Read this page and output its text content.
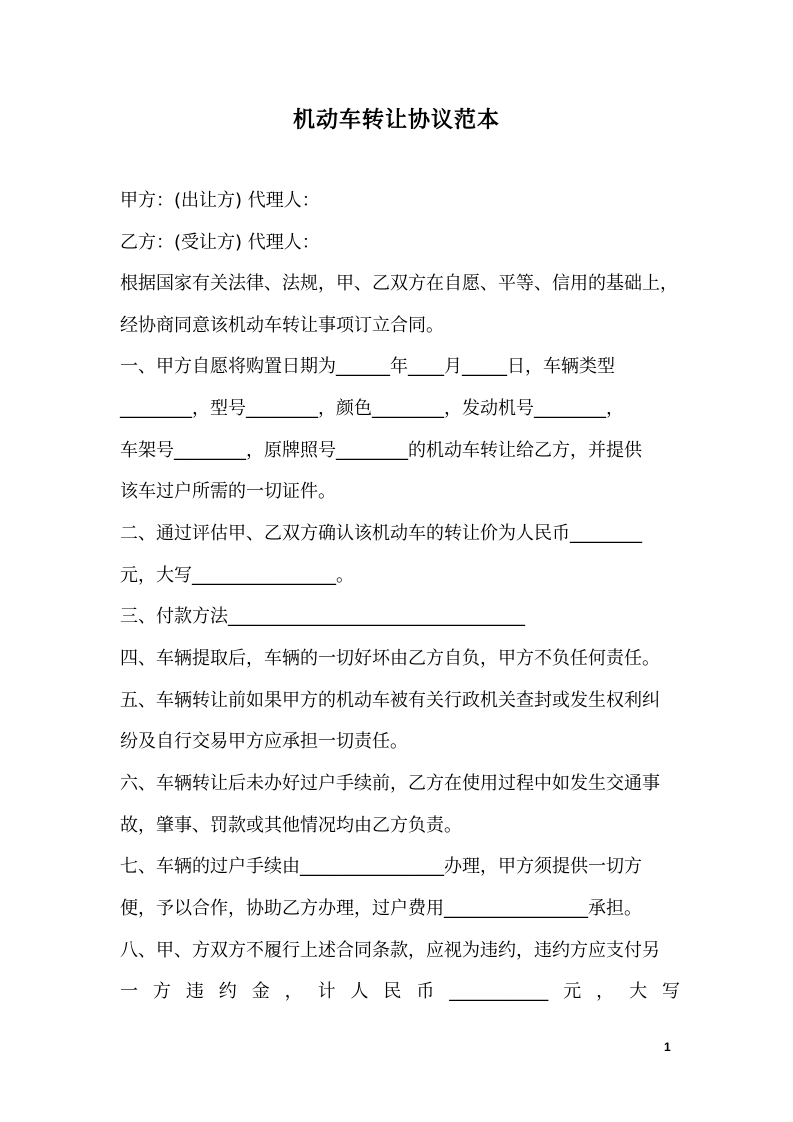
机动车转让协议范本
甲方：(出让方) 代理人：
乙方：(受让方) 代理人：
根据国家有关法律、法规，甲、乙双方在自愿、平等、信用的基础上，
经协商同意该机动车转让事项订立合同。
一、甲方自愿将购置日期为______年____月_____日，车辆类型
________，型号________，颜色________，发动机号________，
车架号________，原牌照号________的机动车转让给乙方，并提供
该车过户所需的一切证件。
二、通过评估甲、乙双方确认该机动车的转让价为人民币________
元，大写________________。
三、付款方法_________________________________
四、车辆提取后，车辆的一切好坏由乙方自负，甲方不负任何责任。
五、车辆转让前如果甲方的机动车被有关行政机关查封或发生权利纠
纷及自行交易甲方应承担一切责任。
六、车辆转让后未办好过户手续前，乙方在使用过程中如发生交通事
故，肇事、罚款或其他情况均由乙方负责。
七、车辆的过户手续由________________办理，甲方须提供一切方
便，予以合作，协助乙方办理，过户费用________________承担。
八、甲、方双方不履行上述合同条款，应视为违约，违约方应支付另
一方违约金，计人民币___________元，大写
1
